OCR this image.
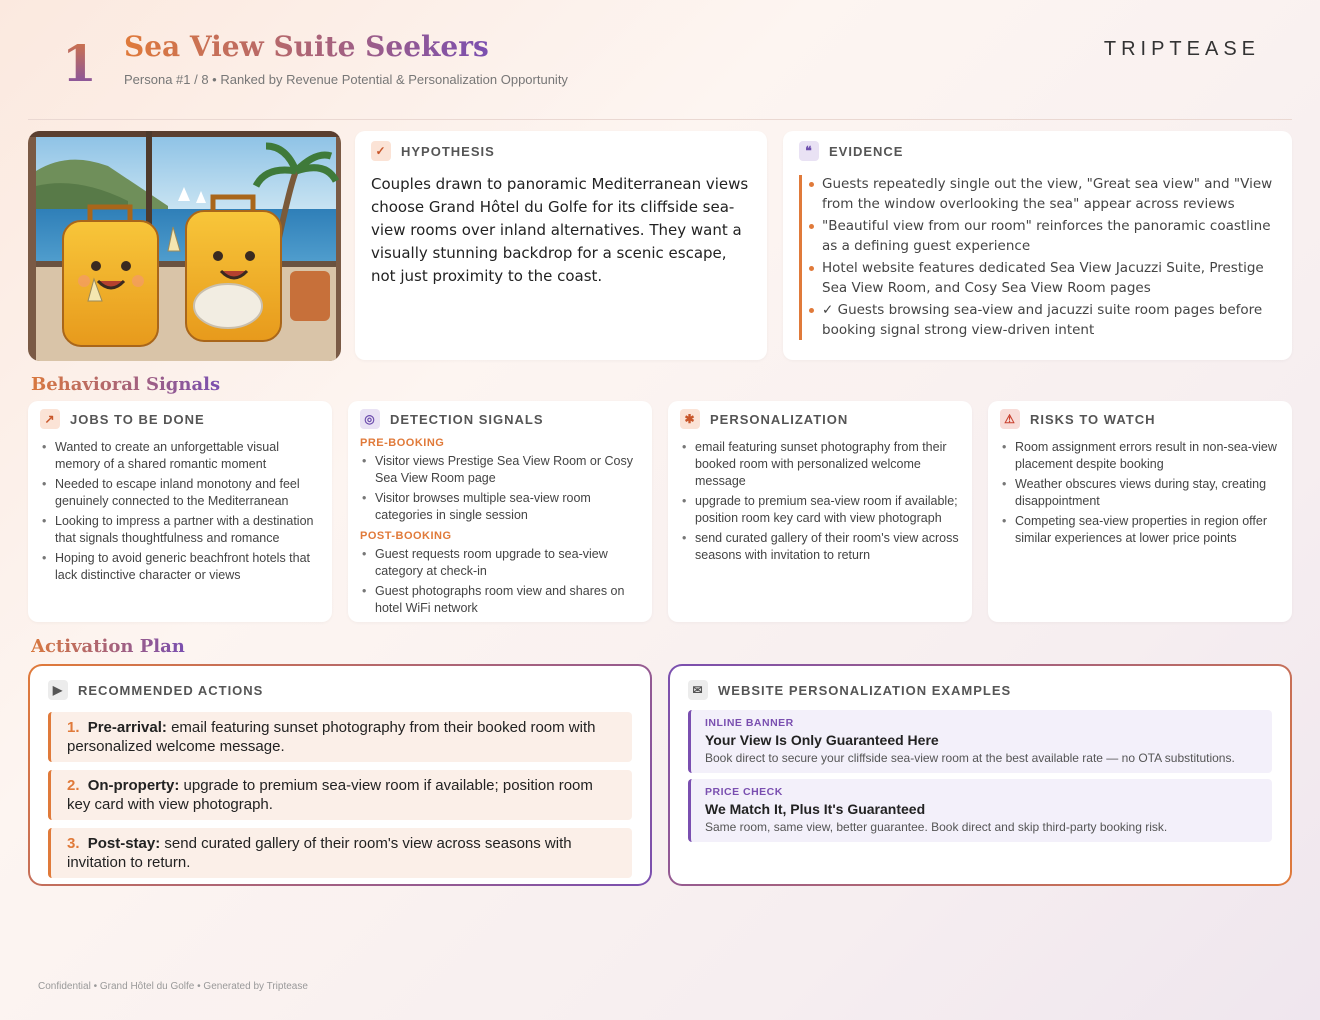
1 Sea View Suite Seekers
Persona #1 / 8 • Ranked by Revenue Potential & Personalization Opportunity
TRIPTEASE
✓	HYPOTHESIS
Couples drawn to panoramic Mediterranean views choose Grand Hôtel du Golfe for its cliffside sea-view rooms over inland alternatives. They want a visually stunning backdrop for a scenic escape, not just proximity to the coast.
❝	EVIDENCE
Guests repeatedly single out the view, "Great sea view" and "View from the window overlooking the sea" appear across reviews
"Beautiful view from our room" reinforces the panoramic coastline as a defining guest experience
Hotel website features dedicated Sea View Jacuzzi Suite, Prestige Sea View Room, and Cosy Sea View Room pages
✓ Guests browsing sea-view and jacuzzi suite room pages before booking signal strong view-driven intent
Behavioral Signals
↗	JOBS TO BE DONE
• Wanted to create an unforgettable visual memory of a shared romantic moment
• Needed to escape inland monotony and feel genuinely connected to the Mediterranean
• Looking to impress a partner with a destination that signals thoughtfulness and romance
• Hoping to avoid generic beachfront hotels that lack distinctive character or views
◎	DETECTION SIGNALS
PRE-BOOKING
• Visitor views Prestige Sea View Room or Cosy Sea View Room page
• Visitor browses multiple sea-view room categories in single session
POST-BOOKING
• Guest requests room upgrade to sea-view category at check-in
• Guest photographs room view and shares on hotel WiFi network
✱	PERSONALIZATION
• email featuring sunset photography from their booked room with personalized welcome message
• upgrade to premium sea-view room if available; position room key card with view photograph
• send curated gallery of their room's view across seasons with invitation to return
⚠	RISKS TO WATCH
• Room assignment errors result in non-sea-view placement despite booking
• Weather obscures views during stay, creating disappointment
• Competing sea-view properties in region offer similar experiences at lower price points
Activation Plan
▶	RECOMMENDED ACTIONS
1. Pre-arrival: email featuring sunset photography from their booked room with personalized welcome message.
2. On-property: upgrade to premium sea-view room if available; position room key card with view photograph.
3. Post-stay: send curated gallery of their room's view across seasons with invitation to return.
✉	WEBSITE PERSONALIZATION EXAMPLES
INLINE BANNER
Your View Is Only Guaranteed Here
Book direct to secure your cliffside sea-view room at the best available rate — no OTA substitutions.
PRICE CHECK
We Match It, Plus It's Guaranteed
Same room, same view, better guarantee. Book direct and skip third-party booking risk.
Confidential • Grand Hôtel du Golfe • Generated by Triptease
